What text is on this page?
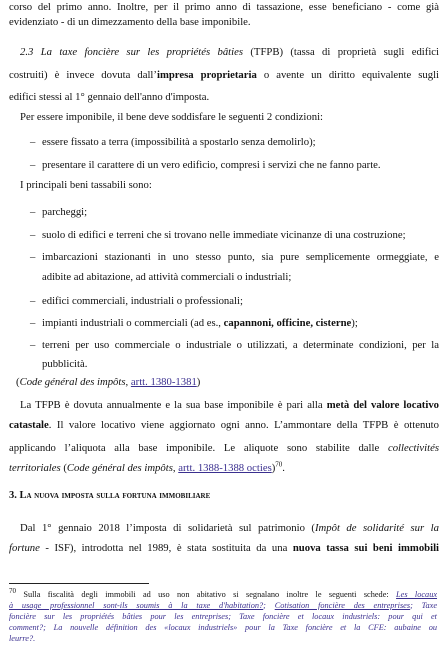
corso del primo anno. Inoltre, per il primo anno di tassazione, esse beneficiano - come già

evidenziato - di un dimezzamento della base imponibile.

2.3 La taxe foncière sur les propriétés bâties (TFPB) (tassa di proprietà sugli edifici

costruiti) è invece dovuta dall’impresa proprietaria o avente un diritto equivalente sugli

edifici stessi al 1° gennaio dell'anno d'imposta.

Per essere imponibile, il bene deve soddisfare le seguenti 2 condizioni:

– essere fissato a terra (impossibilità a spostarlo senza demolirlo);

– presentare il carattere di un vero edificio, compresi i servizi che ne fanno parte.

I principali beni tassabili sono:

– parcheggi;

– suolo di edifici e terreni che si trovano nelle immediate vicinanze di una costruzione;

– imbarcazioni stazionanti in uno stesso punto, sia pure semplicemente ormeggiate, e

adibite ad abitazione, ad attività commerciali o industriali;

– edifici commerciali, industriali o professionali;

– impianti industriali o commerciali (ad es., capannoni, officine, cisterne);

– terreni per uso commerciale o industriale o utilizzati, a determinate condizioni, per la

pubblicità.

(Code général des impôts, artt. 1380-1381)

La TFPB è dovuta annualmente e la sua base imponibile è pari alla metà del valore locativo

catastale. Il valore locativo viene aggiornato ogni anno. L’ammontare della TFPB è ottenuto

applicando l’aliquota alla base imponibile. Le aliquote sono stabilite dalle collectivités

territoriales (Code général des impôts, artt. 1388-1388 octies)$^{70}$.

3. La nuova imposta sulla fortuna immobiliare

Dal 1° gennaio 2018 l’imposta di solidarietà sul patrimonio (Impôt de solidarité sur la

fortune - ISF), introdotta nel 1989, è stata sostituita da una nuova tassa sui beni immobili

$^{70}$ Sulla fiscalità degli immobili ad uso non abitativo si segnalano inoltre le seguenti schede: Les locaux

à usage professionnel sont-ils soumis à la taxe d'habitation?; Cotisation foncière des entreprises; Taxe

foncière sur les propriétés bâties pour les entreprises; Taxe foncière et locaux industriels: pour qui et

comment?; La nouvelle définition des «locaux industriels» pour la Taxe foncière et la CFE: aubaine ou

leurre?.
